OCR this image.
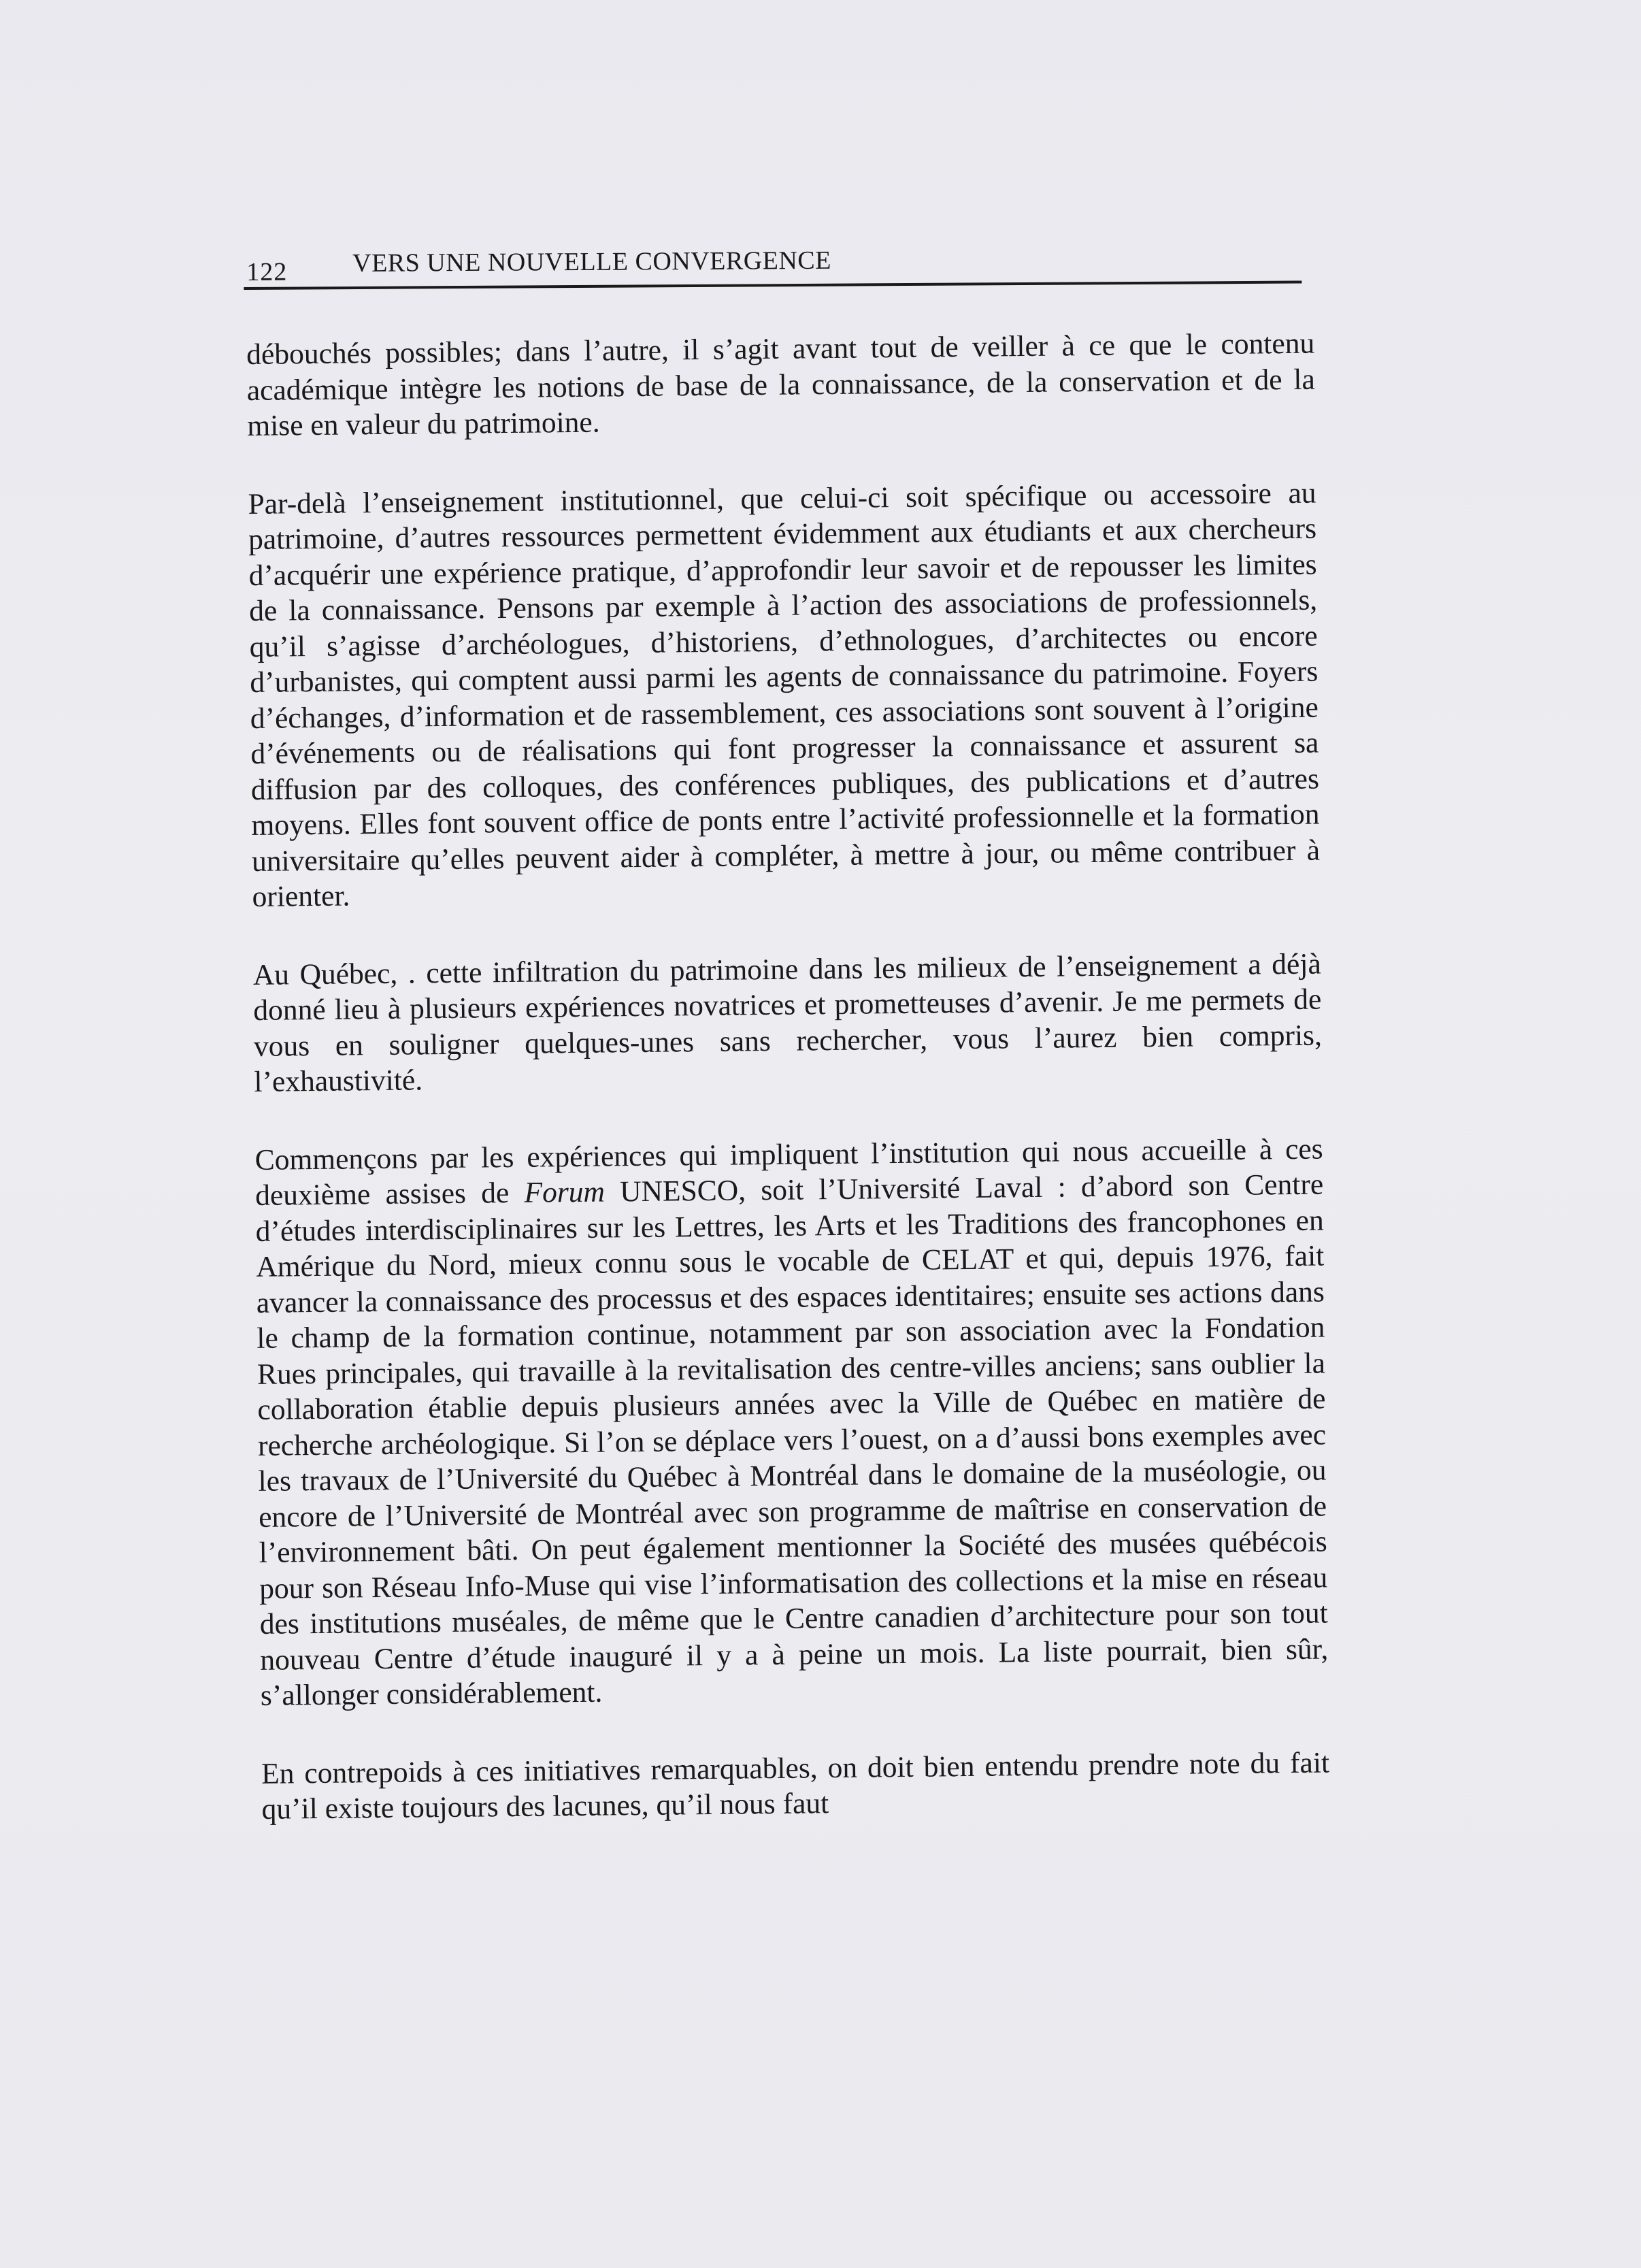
122	VERS UNE NOUVELLE CONVERGENCE

débouchés possibles; dans l’autre, il s’agit avant tout de veiller à ce que le contenu académique intègre les notions de base de la connaissance, de la conservation et de la mise en valeur du patrimoine.

Par-delà l’enseignement institutionnel, que celui-ci soit spécifique ou accessoire au patrimoine, d’autres ressources permettent évidemment aux étudiants et aux chercheurs d’acquérir une expérience pratique, d’approfondir leur savoir et de repousser les limites de la connaissance. Pensons par exemple à l’action des associations de professionnels, qu’il s’agisse d’archéologues, d’historiens, d’ethnologues, d’architectes ou encore d’urbanistes, qui comptent aussi parmi les agents de connaissance du patrimoine. Foyers d’échanges, d’information et de rassemblement, ces associations sont souvent à l’origine d’événements ou de réalisations qui font progresser la connaissance et assurent sa diffusion par des colloques, des conférences publiques, des publications et d’autres moyens. Elles font souvent office de ponts entre l’activité professionnelle et la formation universitaire qu’elles peuvent aider à compléter, à mettre à jour, ou même contribuer à orienter.

Au Québec, . cette infiltration du patrimoine dans les milieux de l’enseignement a déjà donné lieu à plusieurs expériences novatrices et prometteuses d’avenir. Je me permets de vous en souligner quelques-unes sans rechercher, vous l’aurez bien compris, l’exhaustivité.

Commençons par les expériences qui impliquent l’institution qui nous accueille à ces deuxième assises de Forum UNESCO, soit l’Université Laval : d’abord son Centre d’études interdisciplinaires sur les Lettres, les Arts et les Traditions des francophones en Amérique du Nord, mieux connu sous le vocable de CELAT et qui, depuis 1976, fait avancer la connaissance des processus et des espaces identitaires; ensuite ses actions dans le champ de la formation continue, notamment par son association avec la Fondation Rues principales, qui travaille à la revitalisation des centre-villes anciens; sans oublier la collaboration établie depuis plusieurs années avec la Ville de Québec en matière de recherche archéologique. Si l’on se déplace vers l’ouest, on a d’aussi bons exemples avec les travaux de l’Université du Québec à Montréal dans le domaine de la muséologie, ou encore de l’Université de Montréal avec son programme de maîtrise en conservation de l’environnement bâti. On peut également mentionner la Société des musées québécois pour son Réseau Info-Muse qui vise l’informatisation des collections et la mise en réseau des institutions muséales, de même que le Centre canadien d’architecture pour son tout nouveau Centre d’étude inauguré il y a à peine un mois. La liste pourrait, bien sûr, s’allonger considérablement.

En contrepoids à ces initiatives remarquables, on doit bien entendu prendre note du fait qu’il existe toujours des lacunes, qu’il nous faut
